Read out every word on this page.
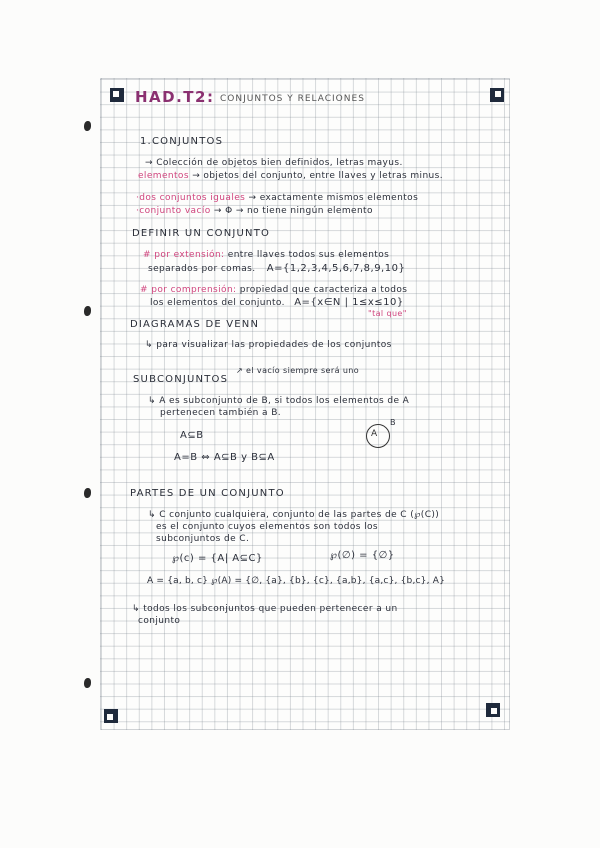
HAD.T2: CONJUNTOS Y RELACIONES
1.CONJUNTOS
→ Colección de objetos bien definidos, letras mayus.
elementos → objetos del conjunto, entre llaves y letras minus.
·dos conjuntos iguales → exactamente mismos elementos
·conjunto vacío → Φ → no tiene ningún elemento
DEFINIR UN CONJUNTO
# por extensión: entre llaves todos sus elementos
separados por comas. A={1,2,3,4,5,6,7,8,9,10}
# por comprensión: propiedad que caracteriza a todos
los elementos del conjunto. A={x∈N | 1≤x≤10}
"tal que"
DIAGRAMAS DE VENN
↳ para visualizar las propiedades de los conjuntos
SUBCONJUNTOS
↗ el vacío siempre será uno
↳ A es subconjunto de B, si todos los elementos de A
pertenecen también a B.
A⊆B
A=B ⇔ A⊆B y B⊆A
A
B
PARTES DE UN CONJUNTO
↳ C conjunto cualquiera, conjunto de las partes de C (℘(C))
es el conjunto cuyos elementos son todos los
subconjuntos de C.
℘(c) = {A| A⊆C}	℘(∅) = {∅}
A = {a, b, c} ℘(A) = {∅, {a}, {b}, {c}, {a,b}, {a,c}, {b,c}, A}
↳ todos los subconjuntos que pueden pertenecer a un
conjunto
